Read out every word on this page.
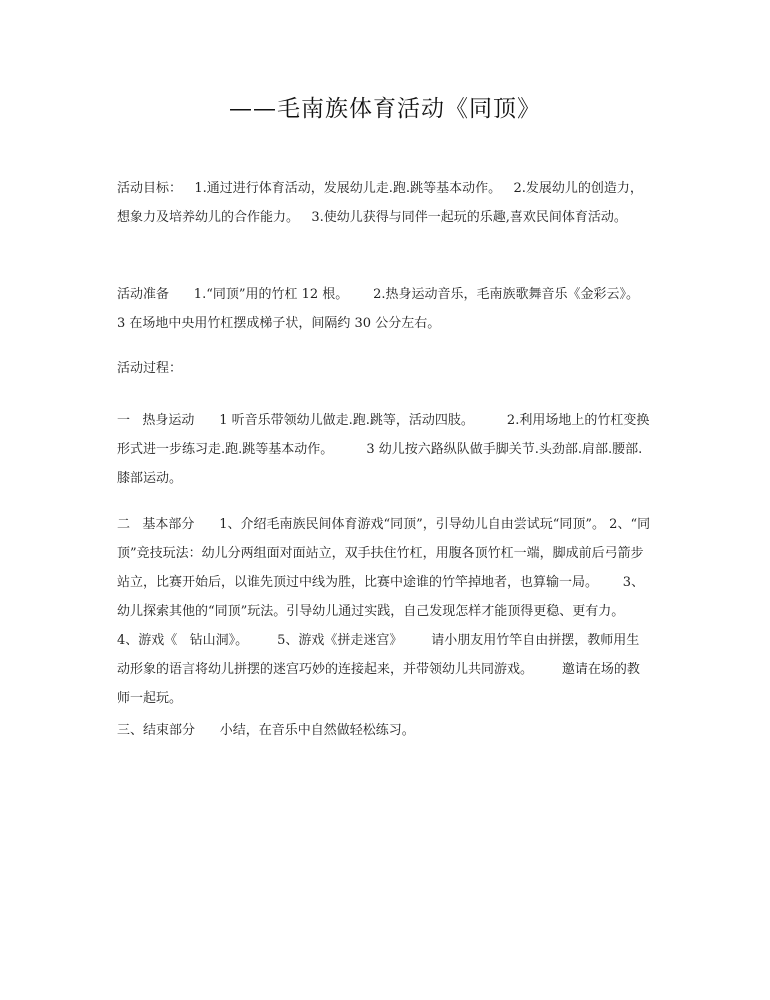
——毛南族体育活动《同顶》
活动目标：   1.通过进行体育活动，发展幼儿走.跑.跳等基本动作。   2.发展幼儿的创造力，想象力及培养幼儿的合作能力。   3.使幼儿获得与同伴一起玩的乐趣,喜欢民间体育活动。
活动准备      1.“同顶”用的竹杠 12 根。      2.热身运动音乐，毛南族歌舞音乐《金彩云》。      3 在场地中央用竹杠摆成梯子状，间隔约 30 公分左右。
活动过程：
一   热身运动      1 听音乐带领幼儿做走.跑.跳等，活动四肢。        2.利用场地上的竹杠变换形式进一步练习走.跑.跳等基本动作。        3 幼儿按六路纵队做手脚关节.头劲部.肩部.腰部.膝部运动。
二   基本部分      1、介绍毛南族民间体育游戏“同顶”，引导幼儿自由尝试玩“同顶”。 2、“同顶”竞技玩法：幼儿分两组面对面站立，双手扶住竹杠，用腹各顶竹杠一端，脚成前后弓箭步站立，比赛开始后，以谁先顶过中线为胜，比赛中途谁的竹竿掉地者，也算输一局。      3、幼儿探索其他的“同顶”玩法。引导幼儿通过实践，自己发现怎样才能顶得更稳、更有力。      4、游戏《   钻山洞》。       5、游戏《拼走迷宫》       请小朋友用竹竿自由拼摆，教师用生动形象的语言将幼儿拼摆的迷宫巧妙的连接起来，并带领幼儿共同游戏。       邀请在场的教师一起玩。
三、结束部分      小结，在音乐中自然做轻松练习。
